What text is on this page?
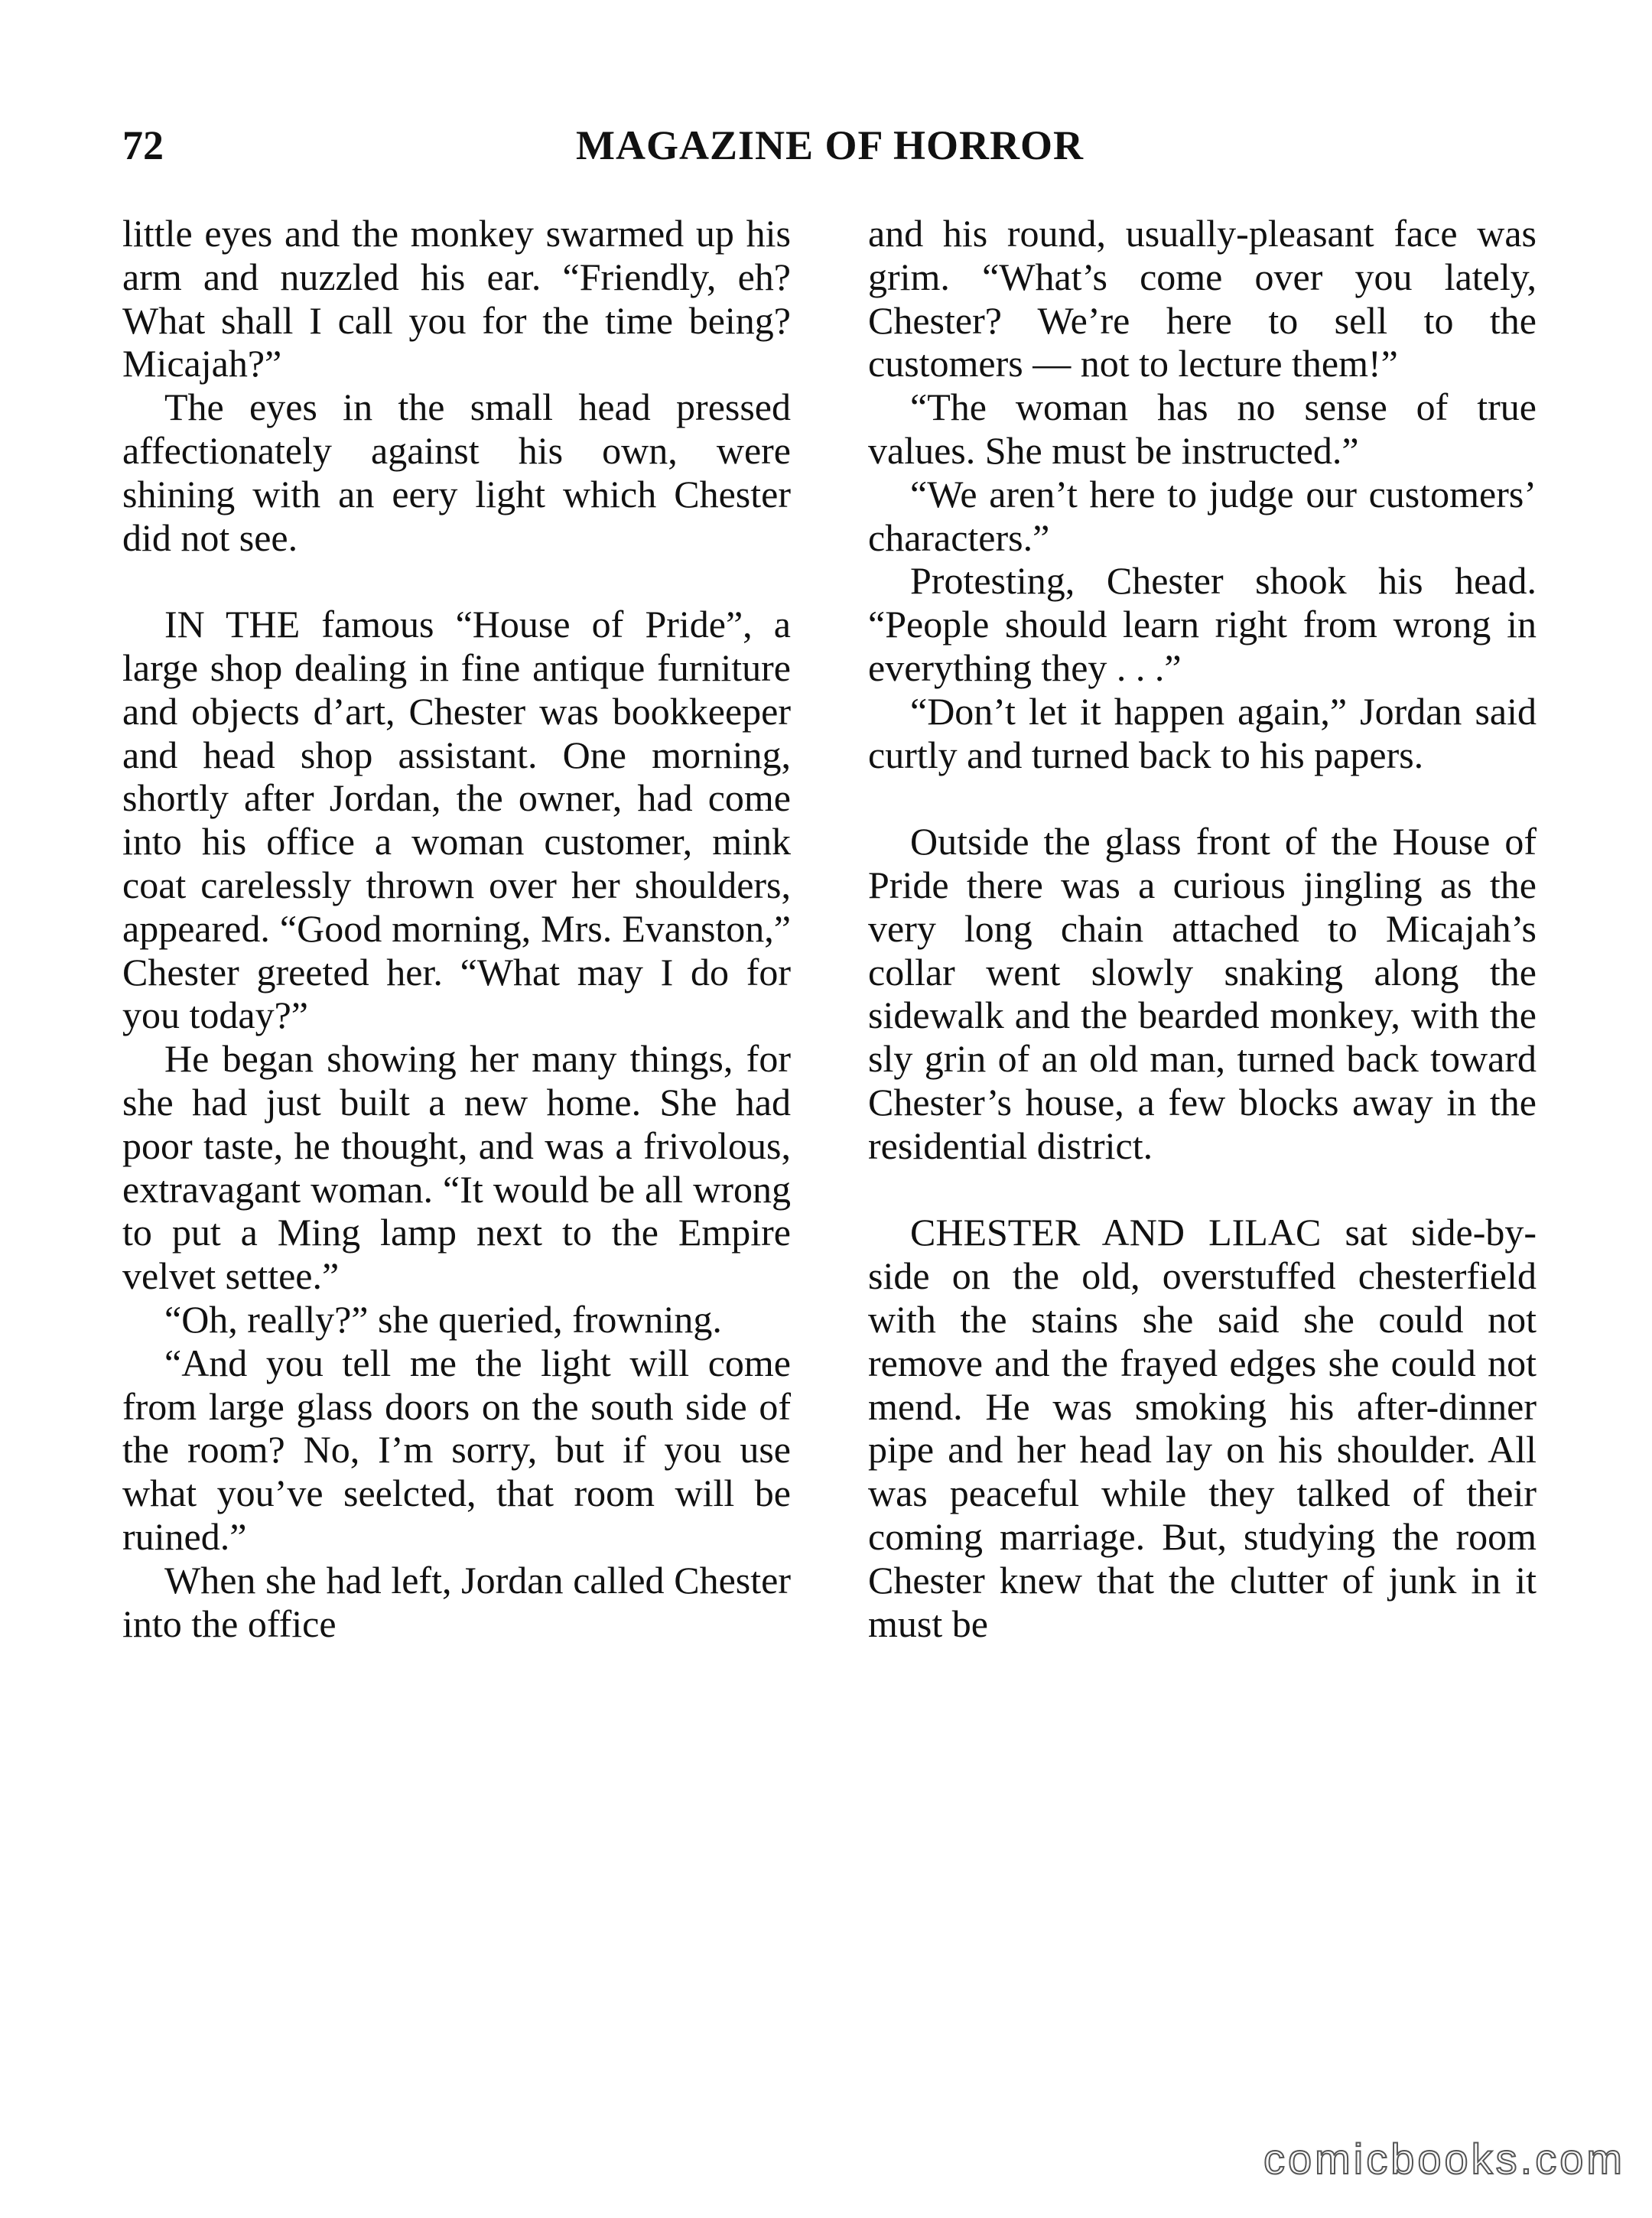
72	MAGAZINE OF HORROR

little eyes and the monkey swarmed up his arm and nuzzled his ear. “Friendly, eh? What shall I call you for the time being? Micajah?”

The eyes in the small head pressed affectionately against his own, were shining with an eery light which Chester did not see.

IN THE famous “House of Pride”, a large shop dealing in fine antique furniture and objects d’art, Chester was bookkeeper and head shop assistant. One morning, shortly after Jordan, the owner, had come into his office a woman customer, mink coat carelessly thrown over her shoulders, appeared. “Good morning, Mrs. Evanston,” Chester greeted her. “What may I do for you today?”

He began showing her many things, for she had just built a new home. She had poor taste, he thought, and was a frivolous, extravagant woman. “It would be all wrong to put a Ming lamp next to the Empire velvet settee.”

“Oh, really?” she queried, frowning.

“And you tell me the light will come from large glass doors on the south side of the room? No, I’m sorry, but if you use what you’ve seelcted, that room will be ruined.”

When she had left, Jordan called Chester into the office

and his round, usually-pleasant face was grim. “What’s come over you lately, Chester? We’re here to sell to the customers — not to lecture them!”

“The woman has no sense of true values. She must be instructed.”

“We aren’t here to judge our customers’ characters.”

Protesting, Chester shook his head. “People should learn right from wrong in everything they . . .”

“Don’t let it happen again,” Jordan said curtly and turned back to his papers.

Outside the glass front of the House of Pride there was a curious jingling as the very long chain attached to Micajah’s collar went slowly snaking along the sidewalk and the bearded monkey, with the sly grin of an old man, turned back toward Chester’s house, a few blocks away in the residential district.

CHESTER AND LILAC sat side-by-side on the old, overstuffed chesterfield with the stains she said she could not remove and the frayed edges she could not mend. He was smoking his after-dinner pipe and her head lay on his shoulder. All was peaceful while they talked of their coming marriage. But, studying the room Chester knew that the clutter of junk in it must be

comicbooks.com
